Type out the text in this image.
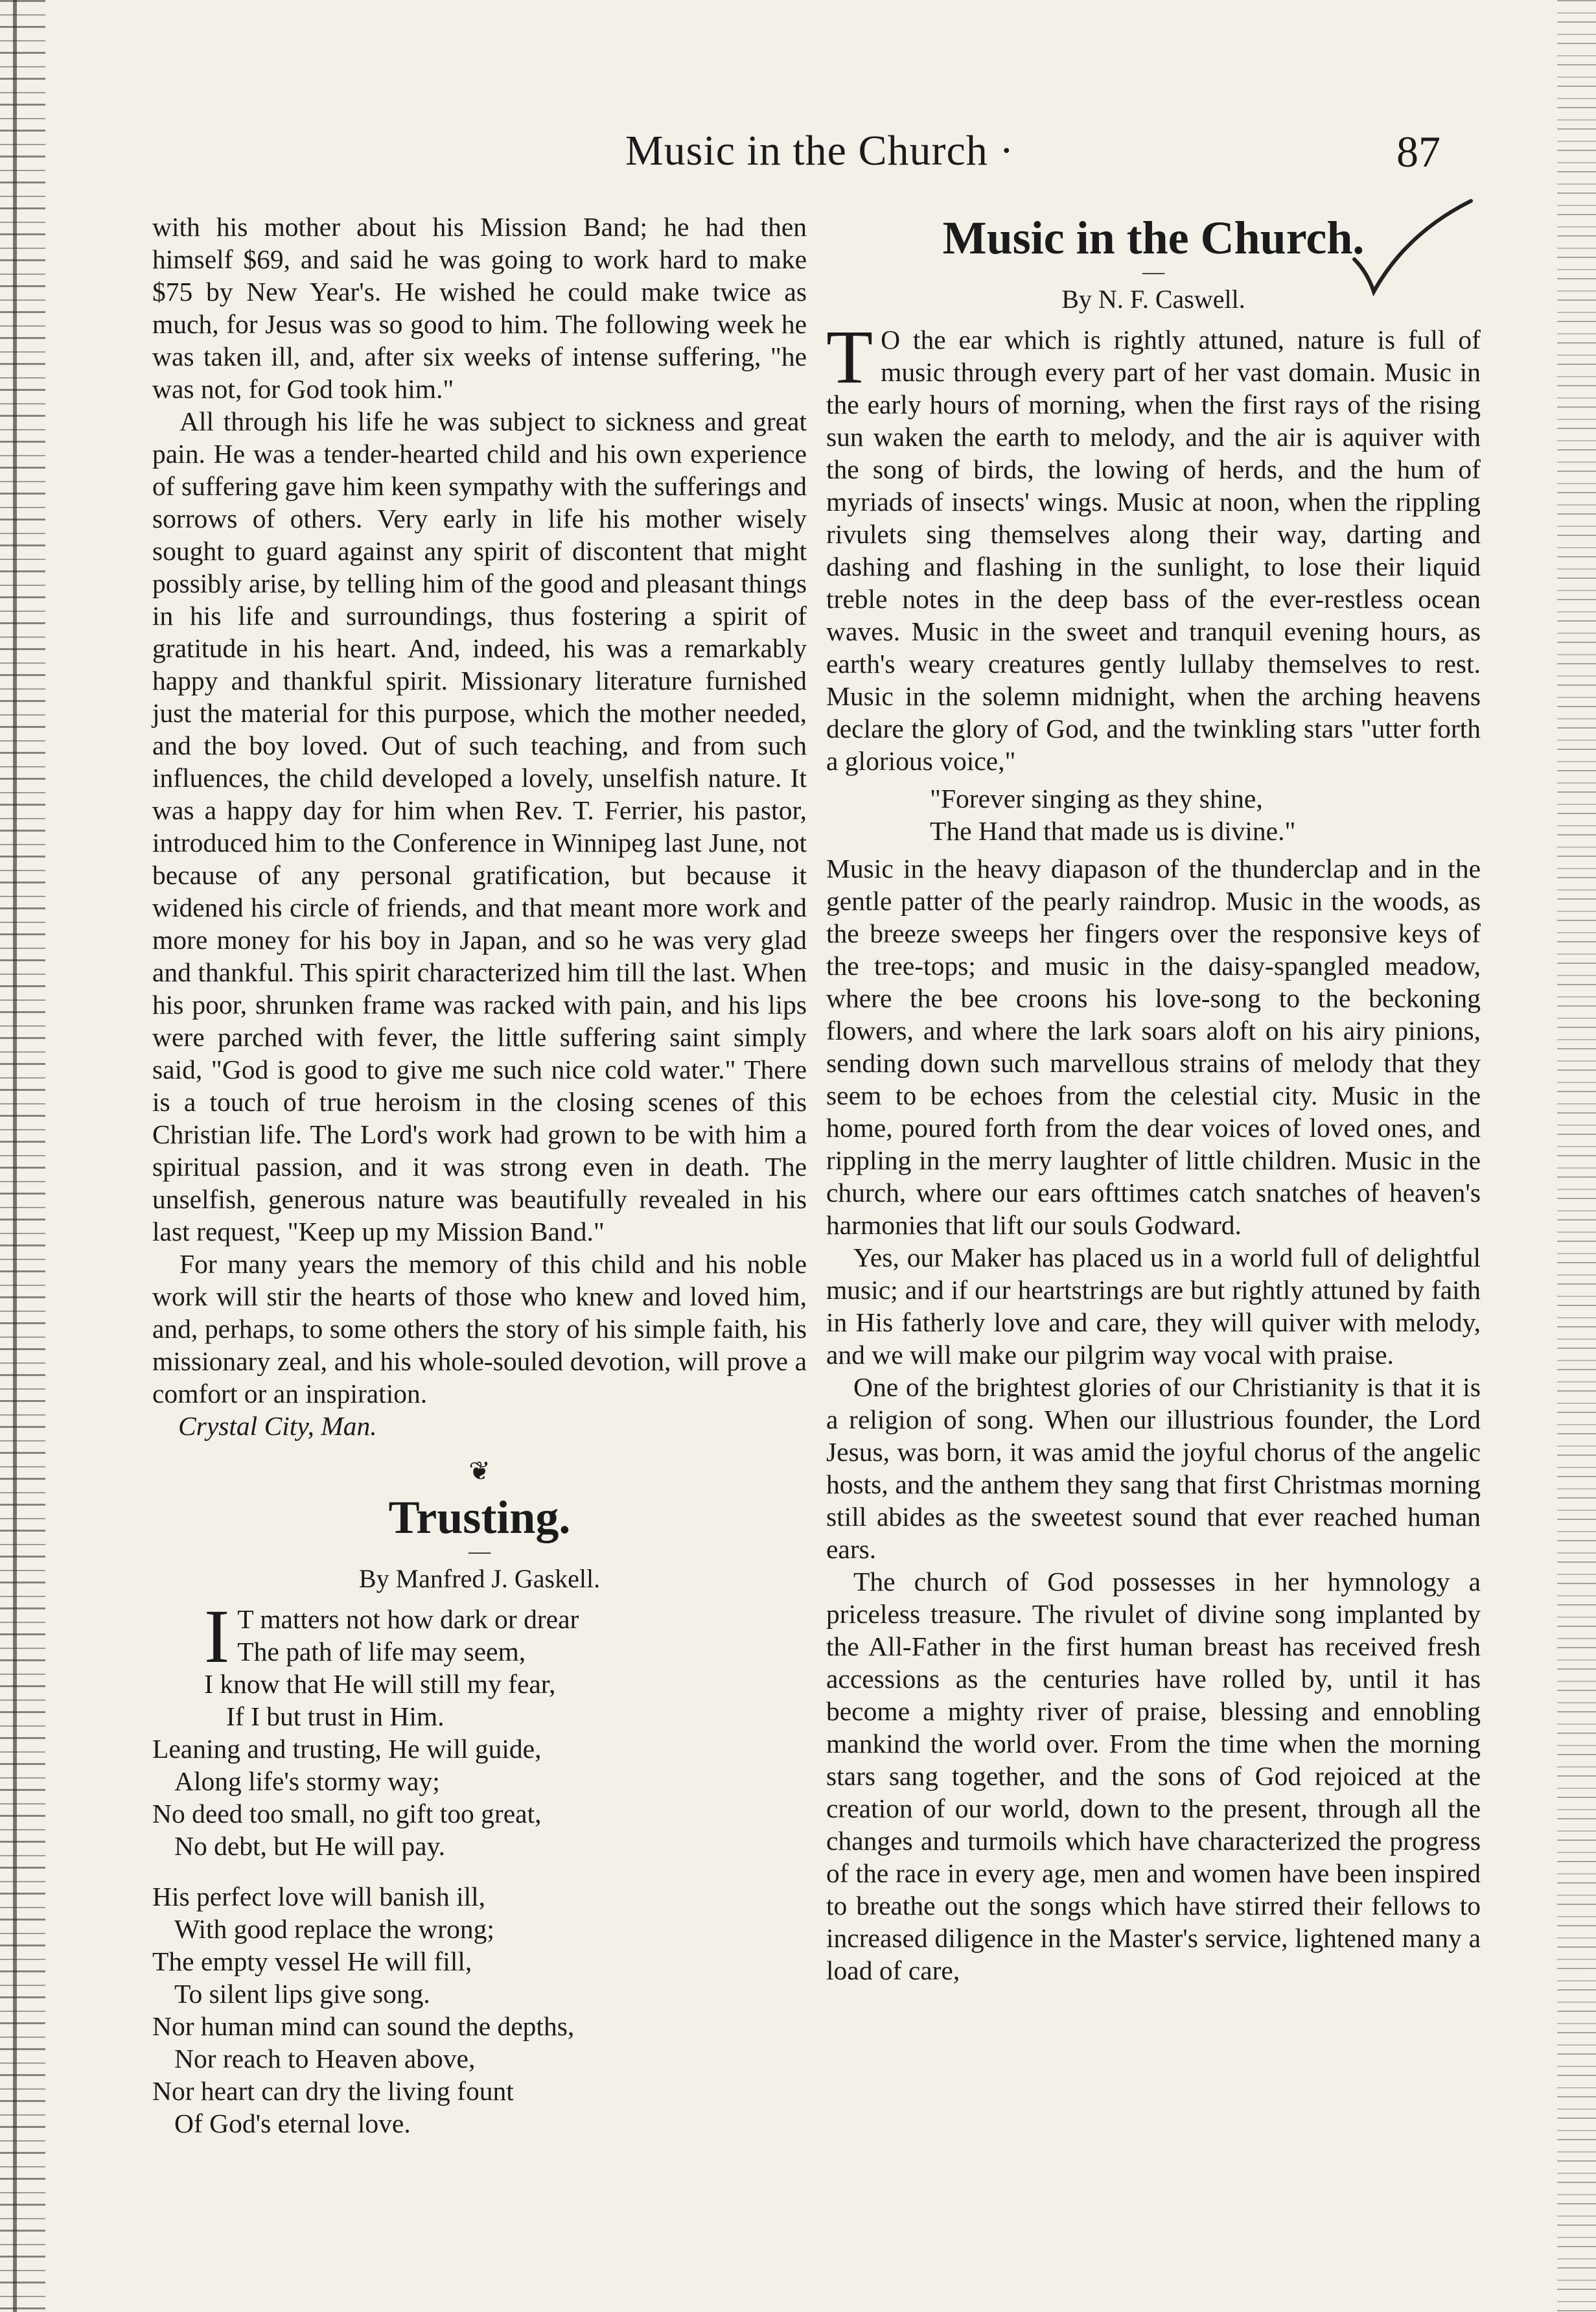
Music in the Church ·	87

with his mother about his Mission Band; he had then himself $69, and said he was going to work hard to make $75 by New Year's. He wished he could make twice as much, for Jesus was so good to him. The following week he was taken ill, and, after six weeks of intense suffering, "he was not, for God took him."

All through his life he was subject to sickness and great pain. He was a tender-hearted child and his own experience of suffering gave him keen sympathy with the sufferings and sorrows of others. Very early in life his mother wisely sought to guard against any spirit of discontent that might possibly arise, by telling him of the good and pleasant things in his life and surroundings, thus fostering a spirit of gratitude in his heart. And, indeed, his was a remarkably happy and thankful spirit. Missionary literature furnished just the material for this purpose, which the mother needed, and the boy loved. Out of such teaching, and from such influences, the child developed a lovely, unselfish nature. It was a happy day for him when Rev. T. Ferrier, his pastor, introduced him to the Conference in Winnipeg last June, not because of any personal gratification, but because it widened his circle of friends, and that meant more work and more money for his boy in Japan, and so he was very glad and thankful. This spirit characterized him till the last. When his poor, shrunken frame was racked with pain, and his lips were parched with fever, the little suffering saint simply said, "God is good to give me such nice cold water." There is a touch of true heroism in the closing scenes of this Christian life. The Lord's work had grown to be with him a spiritual passion, and it was strong even in death. The unselfish, generous nature was beautifully revealed in his last request, "Keep up my Mission Band."

For many years the memory of this child and his noble work will stir the hearts of those who knew and loved him, and, perhaps, to some others the story of his simple faith, his missionary zeal, and his whole-souled devotion, will prove a comfort or an inspiration.

Crystal City, Man.
❦
Trusting.
—
By Manfred J. Gaskell.
I T matters not how dark or drear
The path of life may seem,
I know that He will still my fear,
If I but trust in Him.
Leaning and trusting, He will guide,
Along life's stormy way;
No deed too small, no gift too great,
No debt, but He will pay.
His perfect love will banish ill,
With good replace the wrong;
The empty vessel He will fill,
To silent lips give song.
Nor human mind can sound the depths,
Nor reach to Heaven above,
Nor heart can dry the living fount
Of God's eternal love.
Music in the Church.
—
By N. F. Caswell.

T O the ear which is rightly attuned, nature is full of music through every part of her vast domain. Music in the early hours of morning, when the first rays of the rising sun waken the earth to melody, and the air is aquiver with the song of birds, the lowing of herds, and the hum of myriads of insects' wings. Music at noon, when the rippling rivulets sing themselves along their way, darting and dashing and flashing in the sunlight, to lose their liquid treble notes in the deep bass of the ever-restless ocean waves. Music in the sweet and tranquil evening hours, as earth's weary creatures gently lullaby themselves to rest. Music in the solemn midnight, when the arching heavens declare the glory of God, and the twinkling stars "utter forth a glorious voice,"

"Forever singing as they shine,
The Hand that made us is divine."

Music in the heavy diapason of the thunderclap and in the gentle patter of the pearly raindrop. Music in the woods, as the breeze sweeps her fingers over the responsive keys of the tree-tops; and music in the daisy-spangled meadow, where the bee croons his love-song to the beckoning flowers, and where the lark soars aloft on his airy pinions, sending down such marvellous strains of melody that they seem to be echoes from the celestial city. Music in the home, poured forth from the dear voices of loved ones, and rippling in the merry laughter of little children. Music in the church, where our ears ofttimes catch snatches of heaven's harmonies that lift our souls Godward.

Yes, our Maker has placed us in a world full of delightful music; and if our heartstrings are but rightly attuned by faith in His fatherly love and care, they will quiver with melody, and we will make our pilgrim way vocal with praise.

One of the brightest glories of our Christianity is that it is a religion of song. When our illustrious founder, the Lord Jesus, was born, it was amid the joyful chorus of the angelic hosts, and the anthem they sang that first Christmas morning still abides as the sweetest sound that ever reached human ears.

The church of God possesses in her hymnology a priceless treasure. The rivulet of divine song implanted by the All-Father in the first human breast has received fresh accessions as the centuries have rolled by, until it has become a mighty river of praise, blessing and ennobling mankind the world over. From the time when the morning stars sang together, and the sons of God rejoiced at the creation of our world, down to the present, through all the changes and turmoils which have characterized the progress of the race in every age, men and women have been inspired to breathe out the songs which have stirred their fellows to increased diligence in the Master's service, lightened many a load of care,
